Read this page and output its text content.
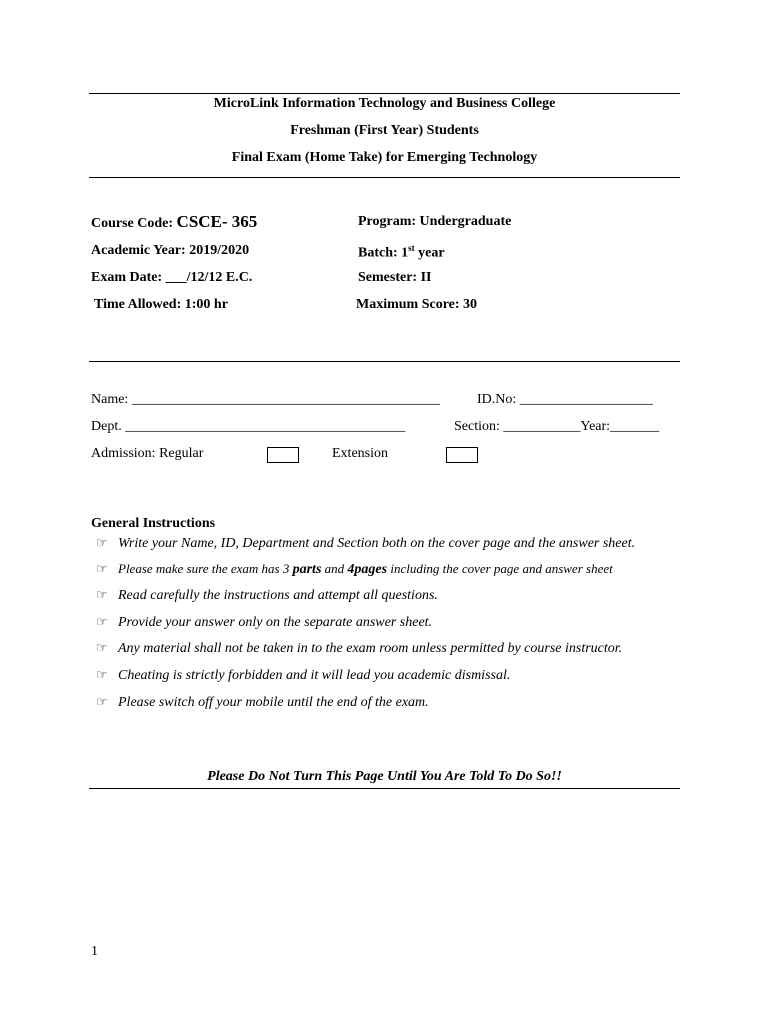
MicroLink Information Technology and Business College
Freshman (First Year) Students
Final Exam (Home Take) for Emerging Technology
Course Code: CSCE- 365	Program: Undergraduate
Academic Year: 2019/2020	Batch: 1st year
Exam Date: ___/12/12 E.C.	Semester: II
Time Allowed: 1:00 hr	Maximum Score: 30
Name: ____________________________________________	ID.No: ___________________
Dept. ________________________________________	Section: ___________Year:_______
Admission: Regular	Extension
General Instructions
☞ Write your Name, ID, Department and Section both on the cover page and the answer sheet.
☞ Please make sure the exam has 3 parts and 4pages including the cover page and answer sheet
☞ Read carefully the instructions and attempt all questions.
☞ Provide your answer only on the separate answer sheet.
☞ Any material shall not be taken in to the exam room unless permitted by course instructor.
☞ Cheating is strictly forbidden and it will lead you academic dismissal.
☞ Please switch off your mobile until the end of the exam.
Please Do Not Turn This Page Until You Are Told To Do So!!
1
